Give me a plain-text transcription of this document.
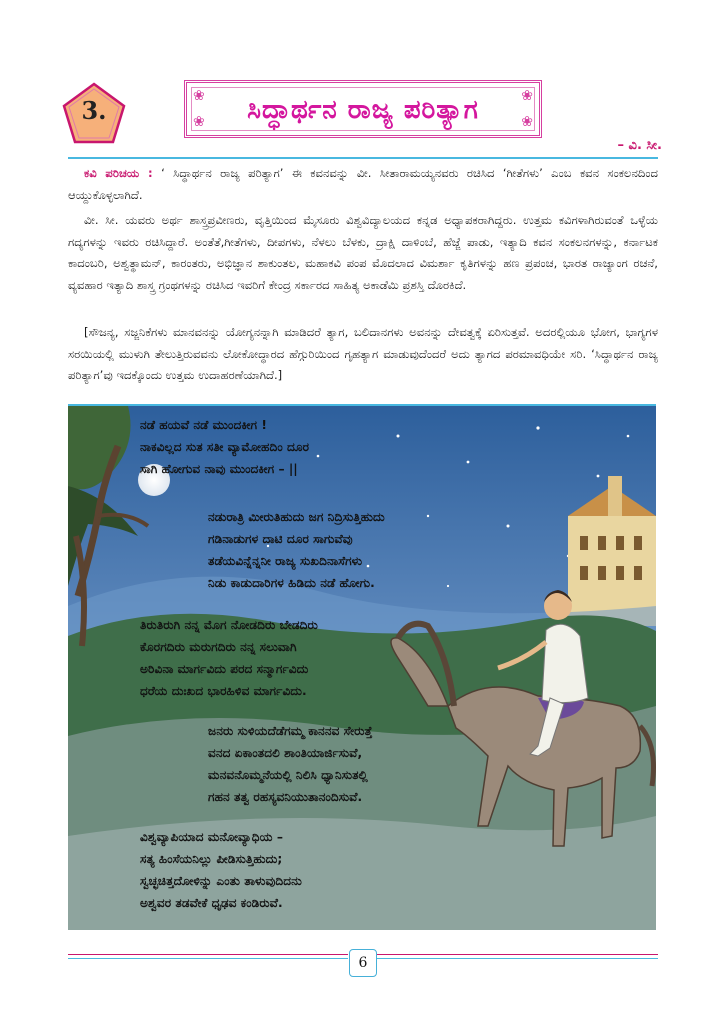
3.	❀	❀
❀	❀
ಸಿದ್ಧಾರ್ಥನ ರಾಜ್ಯ ಪರಿತ್ಯಾಗ
– ವಿ. ಸೀ.

ಕವಿ ಪರಿಚಯ : ‘ ಸಿದ್ಧಾರ್ಥನ ರಾಜ್ಯ ಪರಿತ್ಯಾಗ’ ಈ ಕವನವನ್ನು ವೀ. ಸೀತಾರಾಮಯ್ಯನವರು ರಚಿಸಿದ ‘ಗೀತೆಗಳು’ ಎಂಬ ಕವನ ಸಂಕಲನದಿಂದ ಆಯ್ದುಕೊಳ್ಳಲಾಗಿದೆ.

ವೀ. ಸೀ. ಯವರು ಅರ್ಥ ಶಾಸ್ತ್ರಪ್ರವೀಣರು, ವೃತ್ತಿಯಿಂದ ಮೈಸೂರು ವಿಶ್ವವಿದ್ಯಾಲಯದ ಕನ್ನಡ ಅಧ್ಯಾಪಕರಾಗಿದ್ದರು. ಉತ್ತಮ ಕವಿಗಳಾಗಿರುವಂತೆ ಒಳ್ಳೆಯ ಗದ್ಯಗಳನ್ನು ಇವರು ರಚಿಸಿದ್ದಾರೆ. ಅಂತೆತೆ,ಗೀತೆಗಳು, ದೀಪಗಳು, ನೆಳಲು ಬೆಳಕು, ದ್ರಾಕ್ಷಿ ದಾಳಿಂಬೆ, ಹೆಜ್ಜೆ ಪಾಡು, ಇತ್ಯಾದಿ ಕವನ ಸಂಕಲನಗಳನ್ನು, ಕರ್ನಾಟಕ ಕಾದಂಬರಿ, ಅಶ್ವತ್ಥಾಮನ್, ಕಾರಂತರು, ಅಭಿಜ್ಞಾನ ಶಾಕುಂತಲ, ಮಹಾಕವಿ ಪಂಪ ಮೊದಲಾದ ವಿಮರ್ಶಾ ಕೃತಿಗಳನ್ನು ಹಣ ಪ್ರಪಂಚ, ಭಾರತ ರಾಜ್ಯಾಂಗ ರಚನೆ, ವ್ಯವಹಾರ ಇತ್ಯಾದಿ ಶಾಸ್ತ್ರ ಗ್ರಂಥಗಳನ್ನು ರಚಿಸಿದ ಇವರಿಗೆ ಕೇಂದ್ರ ಸರ್ಕಾರದ ಸಾಹಿತ್ಯ ಅಕಾಡೆಮಿ ಪ್ರಶಸ್ತಿ ದೊರಕಿದೆ.

[ಸೌಜನ್ಯ, ಸಜ್ಜನಿಕೆಗಳು ಮಾನವನನ್ನು ಯೋಗ್ಯನನ್ನಾಗಿ ಮಾಡಿದರೆ ತ್ಯಾಗ, ಬಲಿದಾನಗಳು ಅವನನ್ನು ದೇವತ್ವಕ್ಕೆ ಏರಿಸುತ್ತವೆ. ಅದರಲ್ಲಿಯೂ ಭೋಗ, ಭಾಗ್ಯಗಳ ಸರಯಿಯಲ್ಲಿ ಮುಳುಗಿ ತೇಲುತ್ತಿರುವವನು ಲೋಕೋದ್ಧಾರದ ಹೆಗ್ಗುರಿಯಿಂದ ಗೃಹತ್ಯಾಗ ಮಾಡುವುದೆಂದರೆ ಅದು ತ್ಯಾಗದ ಪರಮಾವಧಿಯೇ ಸರಿ. ‘ಸಿದ್ಧಾರ್ಥನ ರಾಜ್ಯ ಪರಿತ್ಯಾಗ’ವು ಇದಕ್ಕೊಂದು ಉತ್ತಮ ಉದಾಹರಣೆಯಾಗಿದೆ.]

ನಡೆ ಹಯವೆ ನಡೆ ಮುಂದಕೀಗ !
ನಾಕವಿಲ್ಲದ ಸುತ ಸತೀ ವ್ಯಾಮೋಹದಿಂ ದೂರ
ಸಾಗಿ ಹೋಗುವ ನಾವು ಮುಂದಕೀಗ – ||
ನಡುರಾತ್ರಿ ಮೀರುತಿಹುದು ಜಗ ನಿದ್ರಿಸುತ್ತಿಹುದು
ಗಡಿನಾಡುಗಳ ದಾಟಿ ದೂರ ಸಾಗುವೆವು
ತಡೆಯವಿನ್ನೆನ್ನನೀ ರಾಜ್ಯ ಸುಖದಿನಾಸೆಗಳು
ನಿಡು ಕಾಡುದಾರಿಗಳ ಹಿಡಿದು ನಡೆ ಹೋಗು.
ತಿರುತಿರುಗಿ ನನ್ನ ಮೊಗ ನೋಡದಿರು ಬೇಡದಿರು
ಕೊರಗದಿರು ಮರುಗದಿರು ನನ್ನ ಸಲುವಾಗಿ
ಅರಿವಿನಾ ಮಾರ್ಗವಿದು ಪರದ ಸನ್ಮಾರ್ಗವಿದು
ಧರೆಯ ದುಃಖದ ಭಾರಹಿಳಿವ ಮಾರ್ಗವಿದು.
ಜನರು ಸುಳಿಯದೆಡೆಗಮ್ಮ ಕಾನನವ ಸೇರುತ್ತೆ
ವನದ ಏಕಾಂತದಲಿ ಶಾಂತಿಯಾರ್ಜಿಸುವೆ,
ಮನವನೊಮ್ಮನೆಯಲ್ಲಿ ನಿಲಿಸಿ ಧ್ಯಾನಿಸುತಲ್ಲಿ
ಗಹನ ತತ್ವ ರಹಸ್ಯವನಿಯುತಾನಂದಿಸುವೆ.
ವಿಶ್ವವ್ಯಾಪಿಯಾದ ಮನೋವ್ಯಾಧಿಯ –
ಸತ್ಯ ಹಿಂಸೆಯನಿಲ್ಲು ಪೀಡಿಸುತ್ತಿಹುದು;
ಸ್ವಚ್ಛಚಿತ್ತದೋಳಿನ್ನು ಎಂತು ತಾಳುವುದಿದನು
ಅಶ್ವವರ ತಡವೇಕೆ ಧೃಢವ ಕಂಡಿರುವೆ.
6
